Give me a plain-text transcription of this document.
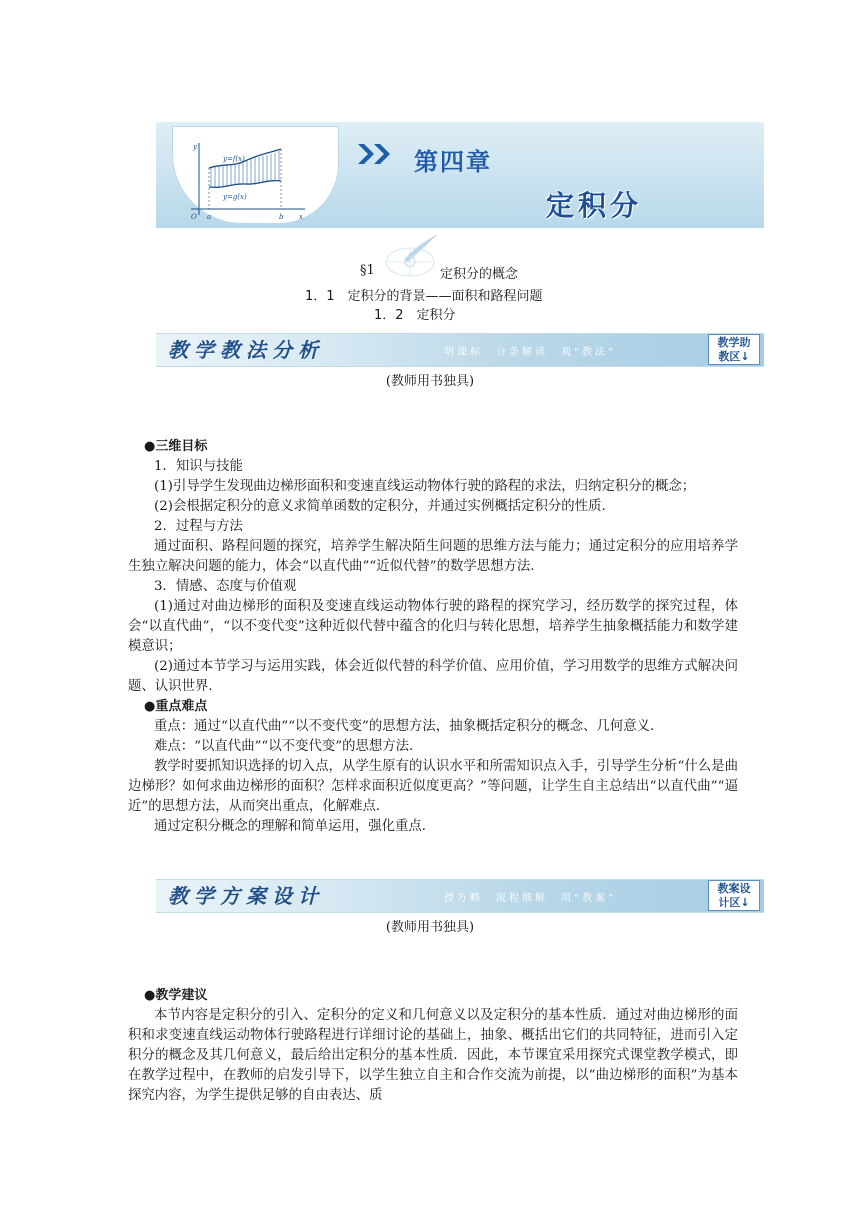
y=f(x)
y=g(x)
O a	b x
y
第四章
定积分
§1	定积分的概念
1．1　定积分的背景——面积和路程问题
1．2　定积分
教学教法分析	明课标　分条解读　观“教法”
教学助
教区↓
(教师用书独具)
●三维目标
1．知识与技能
(1)引导学生发现曲边梯形面积和变速直线运动物体行驶的路程的求法，归纳定积分的概念；
(2)会根据定积分的意义求简单函数的定积分，并通过实例概括定积分的性质．
2．过程与方法
通过面积、路程问题的探究，培养学生解决陌生问题的思维方法与能力；通过定积分的应用培养学生独立解决问题的能力，体会“以直代曲”“近似代替”的数学思想方法．
3．情感、态度与价值观
(1)通过对曲边梯形的面积及变速直线运动物体行驶的路程的探究学习，经历数学的探究过程，体会“以直代曲”，“以不变代变”这种近似代替中蕴含的化归与转化思想，培养学生抽象概括能力和数学建模意识；
(2)通过本节学习与运用实践，体会近似代替的科学价值、应用价值，学习用数学的思维方式解决问题、认识世界．
●重点难点
重点：通过“以直代曲”“以不变代变”的思想方法，抽象概括定积分的概念、几何意义．
难点：“以直代曲”“以不变代变”的思想方法．
教学时要抓知识选择的切入点，从学生原有的认识水平和所需知识点入手，引导学生分析“什么是曲边梯形？如何求曲边梯形的面积？怎样求面积近似度更高？”等问题，让学生自主总结出“以直代曲”“逼近”的思想方法，从而突出重点，化解难点．
通过定积分概念的理解和简单运用，强化重点．
教学方案设计	授方略　流程细解　用“教案”
教案设
计区↓
(教师用书独具)
●教学建议
本节内容是定积分的引入、定积分的定义和几何意义以及定积分的基本性质．通过对曲边梯形的面积和求变速直线运动物体行驶路程进行详细讨论的基础上，抽象、概括出它们的共同特征，进而引入定积分的概念及其几何意义，最后给出定积分的基本性质．因此，本节课宜采用探究式课堂教学模式，即在教学过程中，在教师的启发引导下，以学生独立自主和合作交流为前提，以“曲边梯形的面积”为基本探究内容，为学生提供足够的自由表达、质
